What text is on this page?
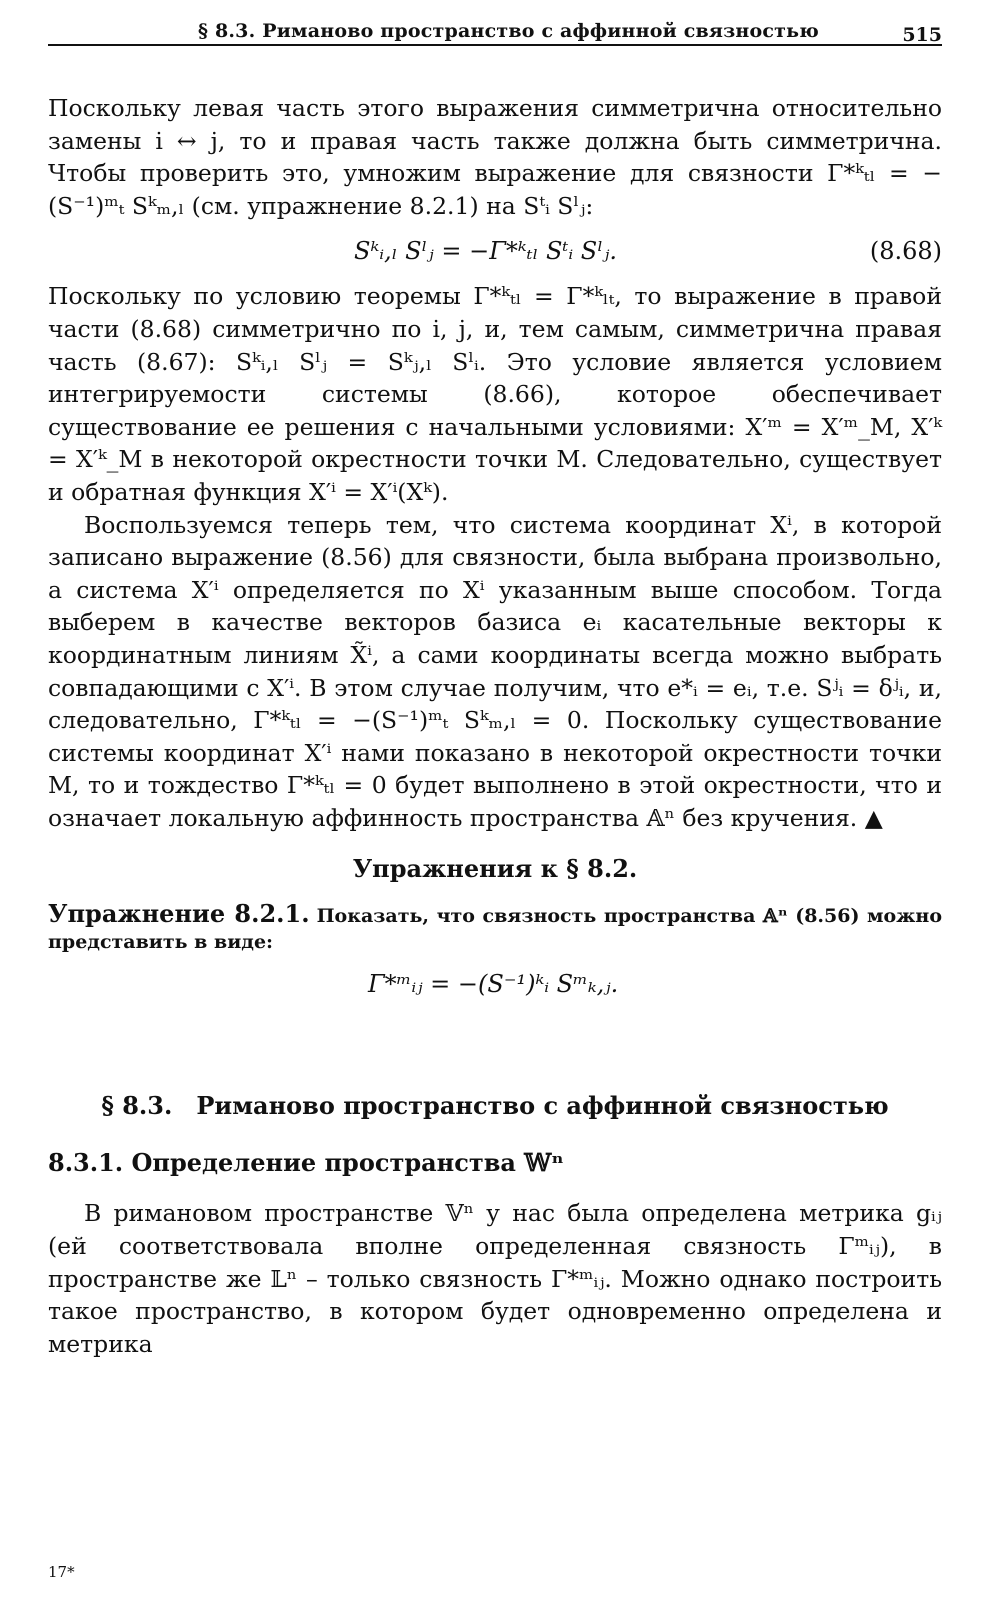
§ 8.3. Риманово пространство с аффинной связностью	515

Поскольку левая часть этого выражения симметрична относительно замены i ↔ j, то и правая часть также должна быть симметрична. Чтобы проверить это, умножим выражение для связности Γ*ᵏₜₗ = −(S⁻¹)ᵐₜ Sᵏₘ,ₗ (см. упражнение 8.2.1) на Sᵗᵢ Sˡⱼ:

Sᵏᵢ,ₗ Sˡⱼ = −Γ*ᵏₜₗ Sᵗᵢ Sˡⱼ.	(8.68)

Поскольку по условию теоремы Γ*ᵏₜₗ = Γ*ᵏₗₜ, то выражение в правой части (8.68) симметрично по i, j, и, тем самым, симметрична правая часть (8.67): Sᵏᵢ,ₗ Sˡⱼ = Sᵏⱼ,ₗ Sˡᵢ. Это условие является условием интегрируемости системы (8.66), которое обеспечивает существование ее решения с начальными условиями: X′ᵐ = X′ᵐ_M, X′ᵏ = X′ᵏ_M в некоторой окрестности точки M. Следовательно, существует и обратная функция X′ⁱ = X′ⁱ(Xᵏ).

Воспользуемся теперь тем, что система координат Xⁱ, в которой записано выражение (8.56) для связности, была выбрана произвольно, а система X′ⁱ определяется по Xⁱ указанным выше способом. Тогда выберем в качестве векторов базиса eᵢ касательные векторы к координатным линиям X̃ⁱ, а сами координаты всегда можно выбрать совпадающими с X′ⁱ. В этом случае получим, что e*ᵢ = eᵢ, т.е. Sʲᵢ = δʲᵢ, и, следовательно, Γ*ᵏₜₗ = −(S⁻¹)ᵐₜ Sᵏₘ,ₗ = 0. Поскольку существование системы координат X′ⁱ нами показано в некоторой окрестности точки M, то и тождество Γ*ᵏₜₗ = 0 будет выполнено в этой окрестности, что и означает локальную аффинность пространства 𝔸ⁿ без кручения. ▲

Упражнения к § 8.2.
Упражнение 8.2.1. Показать, что связность пространства 𝔸ⁿ (8.56) можно представить в виде:
Γ*ᵐᵢⱼ = −(S⁻¹)ᵏᵢ Sᵐₖ,ⱼ.
§ 8.3. Риманово пространство с аффинной связностью
8.3.1. Определение пространства 𝕎ⁿ

В римановом пространстве 𝕍ⁿ у нас была определена метрика gᵢⱼ (ей соответствовала вполне определенная связность Γᵐᵢⱼ), в пространстве же 𝕃ⁿ – только связность Γ*ᵐᵢⱼ. Можно однако построить такое пространство, в котором будет одновременно определена и метрика

17*
